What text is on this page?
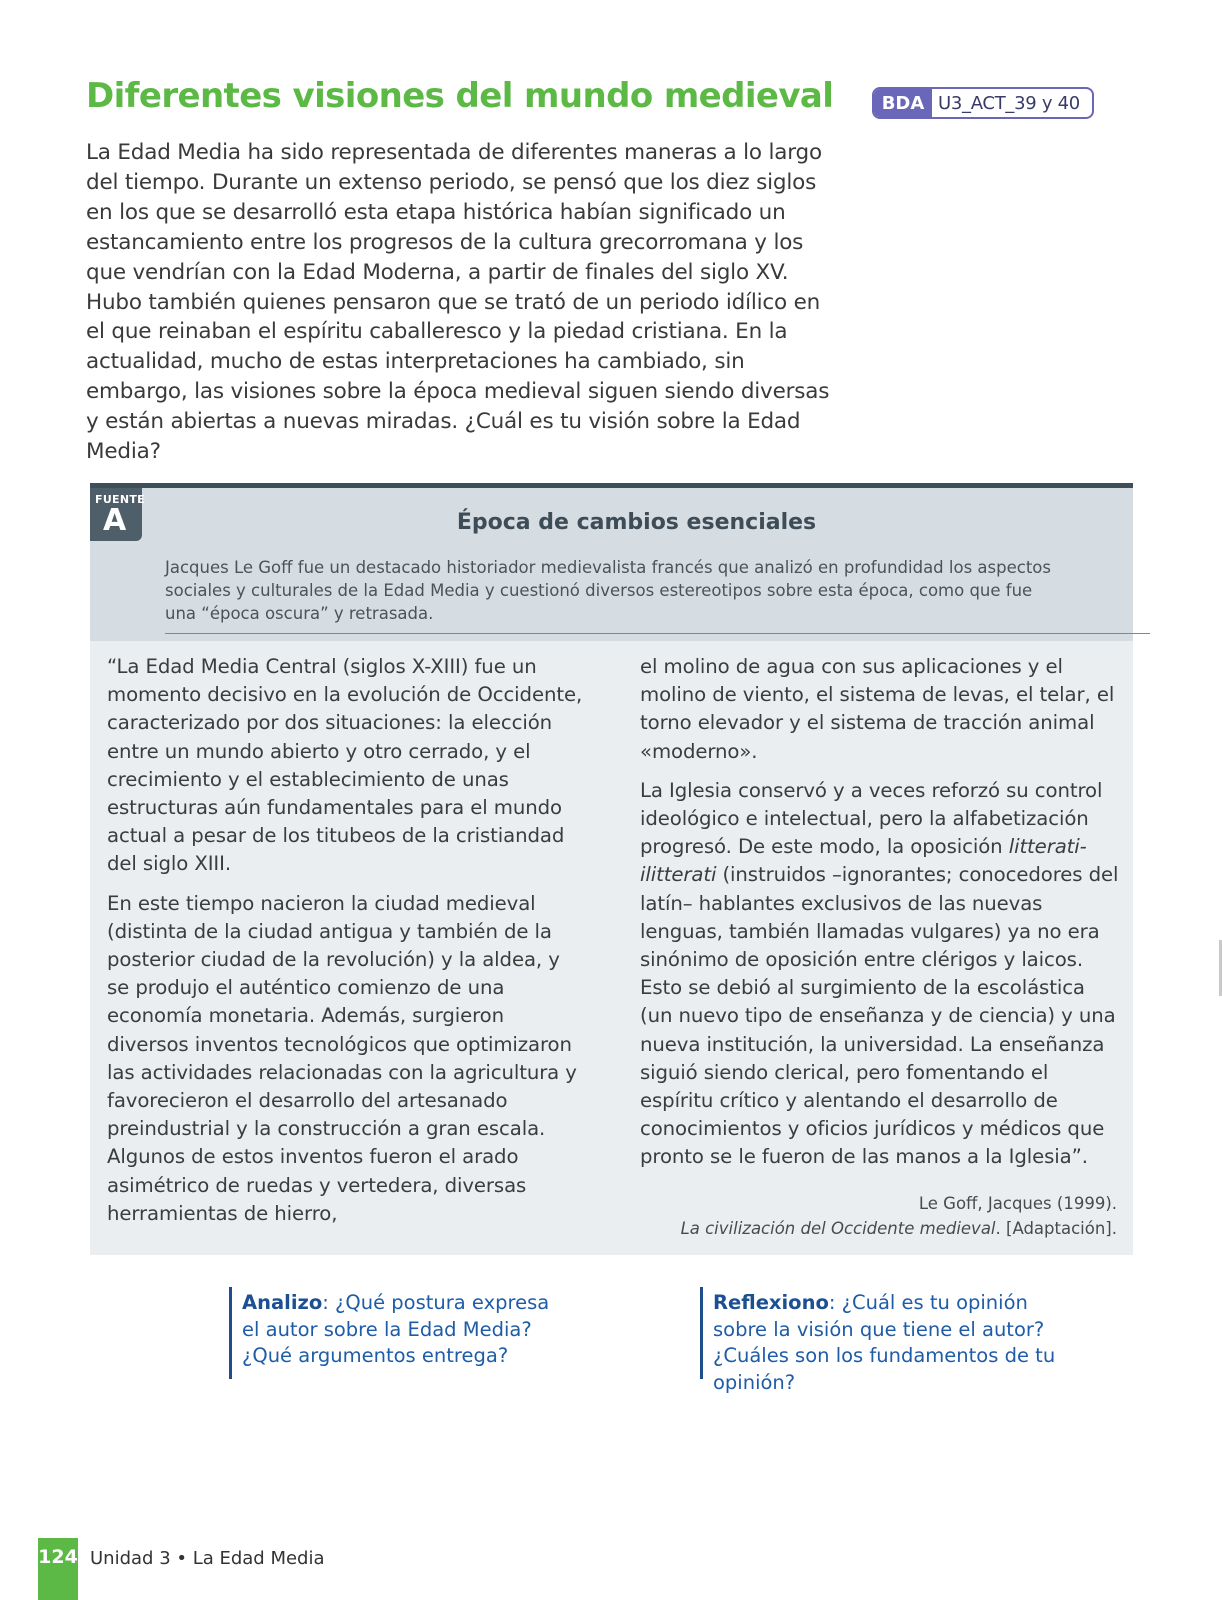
Diferentes visiones del mundo medieval	BDA U3_ACT_39 y 40

La Edad Media ha sido representada de diferentes maneras a lo largo del tiempo. Durante un extenso periodo, se pensó que los diez siglos en los que se desarrolló esta etapa histórica habían significado un estancamiento entre los progresos de la cultura grecorromana y los que vendrían con la Edad Moderna, a partir de finales del siglo XV. Hubo también quienes pensaron que se trató de un periodo idílico en el que reinaban el espíritu caballeresco y la piedad cristiana. En la actualidad, mucho de estas interpretaciones ha cambiado, sin embargo, las visiones sobre la época medieval siguen siendo diversas y están abiertas a nuevas miradas. ¿Cuál es tu visión sobre la Edad Media?

FUENTE
A	Época de cambios esenciales

Jacques Le Goff fue un destacado historiador medievalista francés que analizó en profundidad los aspectos sociales y culturales de la Edad Media y cuestionó diversos estereotipos sobre esta época, como que fue una “época oscura” y retrasada.

“La Edad Media Central (siglos X-XIII) fue un momento decisivo en la evolución de Occidente, caracterizado por dos situaciones: la elección entre un mundo abierto y otro cerrado, y el crecimiento y el establecimiento de unas estructuras aún fundamentales para el mundo actual a pesar de los titubeos de la cristiandad del siglo XIII.

En este tiempo nacieron la ciudad medieval (distinta de la ciudad antigua y también de la posterior ciudad de la revolución) y la aldea, y se produjo el auténtico comienzo de una economía monetaria. Además, surgieron diversos inventos tecnológicos que optimizaron las actividades relacionadas con la agricultura y favorecieron el desarrollo del artesanado preindustrial y la construcción a gran escala. Algunos de estos inventos fueron el arado asimétrico de ruedas y vertedera, diversas herramientas de hierro,

el molino de agua con sus aplicaciones y el molino de viento, el sistema de levas, el telar, el torno elevador y el sistema de tracción animal «moderno».

La Iglesia conservó y a veces reforzó su control ideológico e intelectual, pero la alfabetización progresó. De este modo, la oposición litterati-ilitterati (instruidos –ignorantes; conocedores del latín– hablantes exclusivos de las nuevas lenguas, también llamadas vulgares) ya no era sinónimo de oposición entre clérigos y laicos. Esto se debió al surgimiento de la escolástica (un nuevo tipo de enseñanza y de ciencia) y una nueva institución, la universidad. La enseñanza siguió siendo clerical, pero fomentando el espíritu crítico y alentando el desarrollo de conocimientos y oficios jurídicos y médicos que pronto se le fueron de las manos a la Iglesia”.

Le Goff, Jacques (1999).
La civilización del Occidente medieval. [Adaptación].
Analizo: ¿Qué postura expresa el autor sobre la Edad Media? ¿Qué argumentos entrega?
Reflexiono: ¿Cuál es tu opinión sobre la visión que tiene el autor? ¿Cuáles son los fundamentos de tu opinión?
124 Unidad 3 • La Edad Media
